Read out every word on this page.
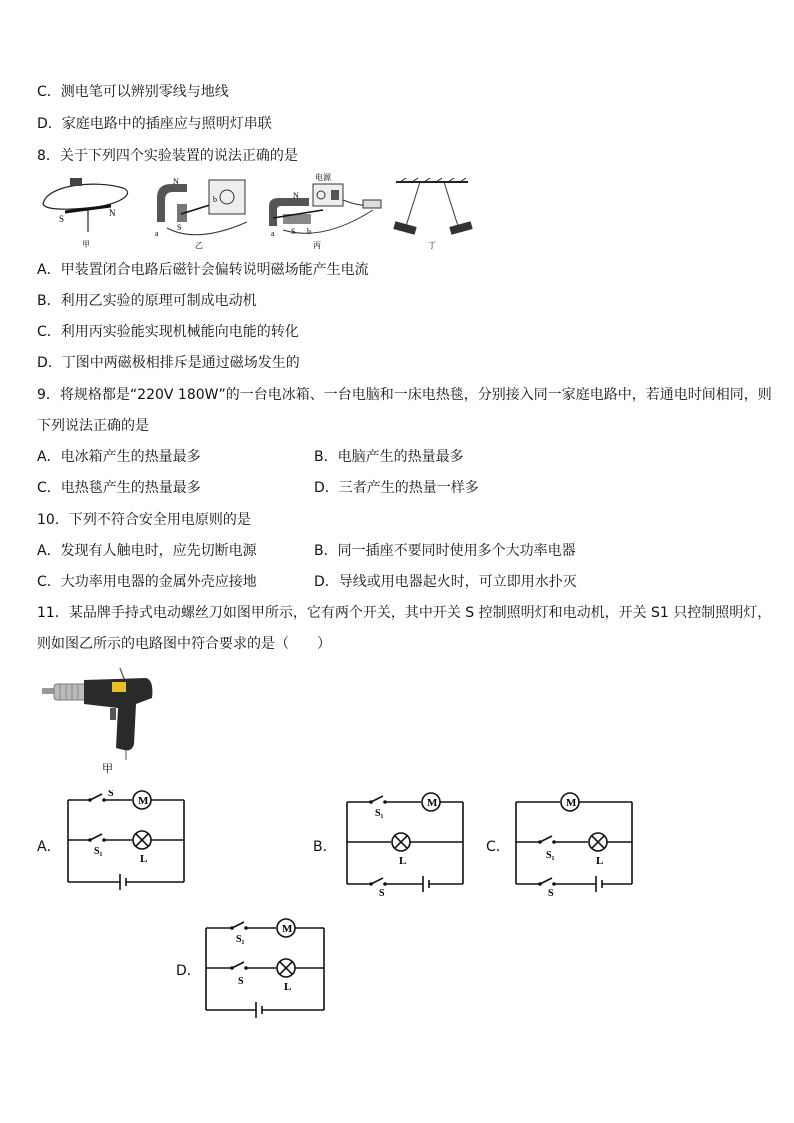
C．测电笔可以辨别零线与地线
D．家庭电路中的插座应与照明灯串联
8．关于下列四个实验装置的说法正确的是
S
N
甲
N
S
a
b
乙
电源
N
S
a	b
丙	丁
A．甲装置闭合电路后磁针会偏转说明磁场能产生电流
B．利用乙实验的原理可制成电动机
C．利用丙实验能实现机械能向电能的转化
D．丁图中两磁极相排斥是通过磁场发生的
9．将规格都是“220V 180W”的一台电冰箱、一台电脑和一床电热毯，分别接入同一家庭电路中，若通电时间相同，则
下列说法正确的是
A．电冰箱产生的热量最多	B．电脑产生的热量最多
C．电热毯产生的热量最多	D．三者产生的热量一样多
10．下列不符合安全用电原则的是
A．发现有人触电时，应先切断电源	B．同一插座不要同时使用多个大功率电器
C．大功率用电器的金属外壳应接地	D．导线或用电器起火时，可立即用水扑灭
11．某品牌手持式电动螺丝刀如图甲所示，它有两个开关，其中开关 S 控制照明灯和电动机，开关 S1 只控制照明灯，
则如图乙所示的电路图中符合要求的是（　　）
甲
A．
M
L
S
S₁	B．
M
L
S₁
S
C．
M
L
S₁
S
D．
M
L
S₁
S
